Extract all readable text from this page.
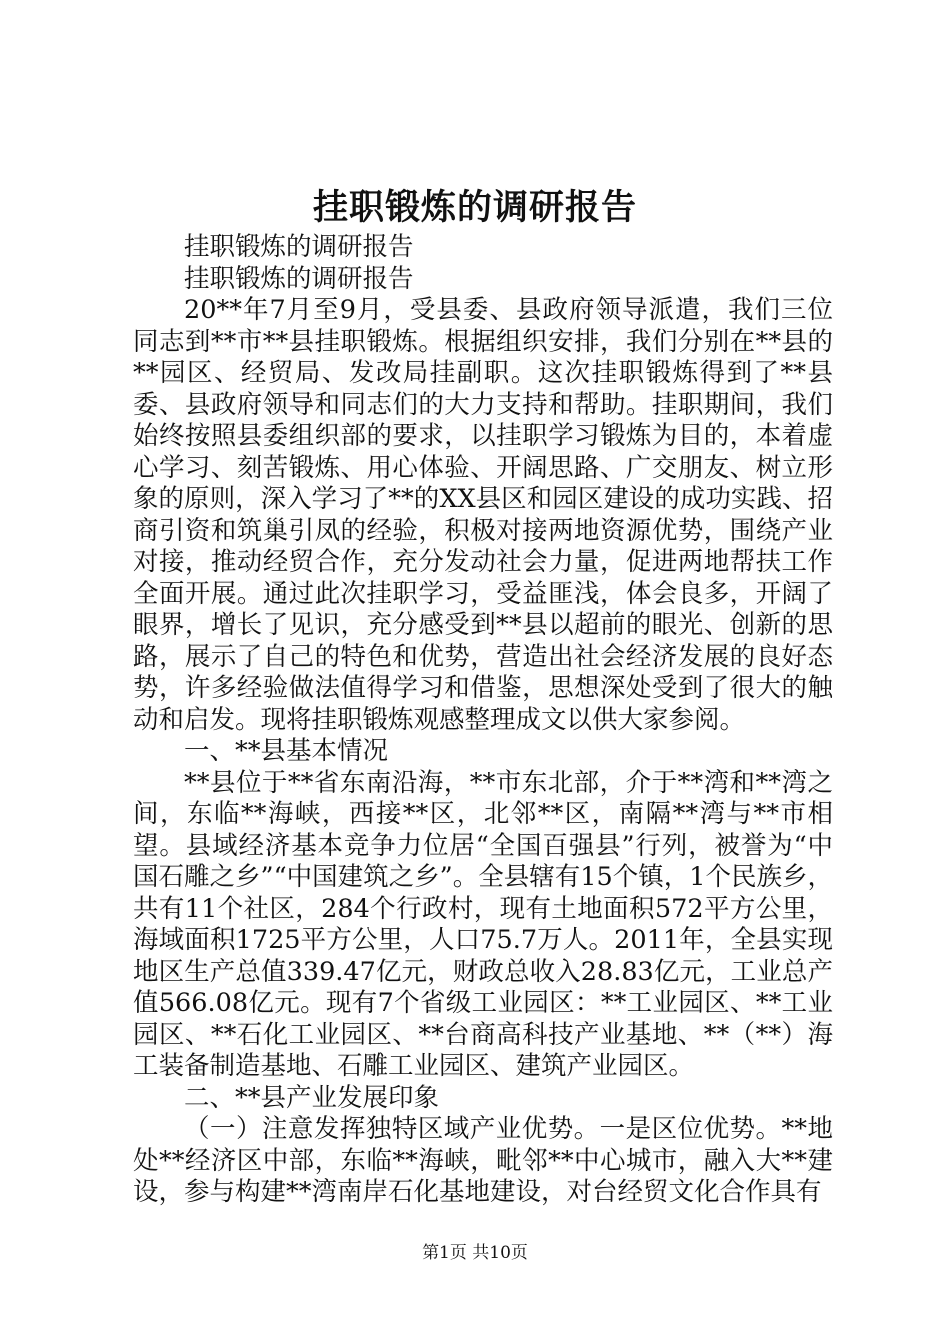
挂职锻炼的调研报告

挂职锻炼的调研报告

挂职锻炼的调研报告

20**年7月至9月，受县委、县政府领导派遣，我们三位同志到**市**县挂职锻炼。根据组织安排，我们分别在**县的**园区、经贸局、发改局挂副职。这次挂职锻炼得到了**县委、县政府领导和同志们的大力支持和帮助。挂职期间，我们始终按照县委组织部的要求，以挂职学习锻炼为目的，本着虚心学习、刻苦锻炼、用心体验、开阔思路、广交朋友、树立形象的原则，深入学习了**的XX县区和园区建设的成功实践、招商引资和筑巢引凤的经验，积极对接两地资源优势，围绕产业对接，推动经贸合作，充分发动社会力量，促进两地帮扶工作全面开展。通过此次挂职学习，受益匪浅，体会良多，开阔了眼界，增长了见识，充分感受到**县以超前的眼光、创新的思路，展示了自己的特色和优势，营造出社会经济发展的良好态势，许多经验做法值得学习和借鉴，思想深处受到了很大的触动和启发。现将挂职锻炼观感整理成文以供大家参阅。

一、**县基本情况

**县位于**省东南沿海，**市东北部，介于**湾和**湾之间，东临**海峡，西接**区，北邻**区，南隔**湾与**市相望。县域经济基本竞争力位居“全国百强县”行列，被誉为“中国石雕之乡”“中国建筑之乡”。全县辖有15个镇，1个民族乡，共有11个社区，284个行政村，现有土地面积572平方公里，海域面积1725平方公里，人口75.7万人。2011年，全县实现地区生产总值339.47亿元，财政总收入28.83亿元，工业总产值566.08亿元。现有7个省级工业园区：**工业园区、**工业园区、**石化工业园区、**台商高科技产业基地、**（**）海工装备制造基地、石雕工业园区、建筑产业园区。

二、**县产业发展印象

（一）注意发挥独特区域产业优势。一是区位优势。**地处**经济区中部，东临**海峡，毗邻**中心城市，融入大**建设，参与构建**湾南岸石化基地建设，对台经贸文化合作具有

第1页 共10页
